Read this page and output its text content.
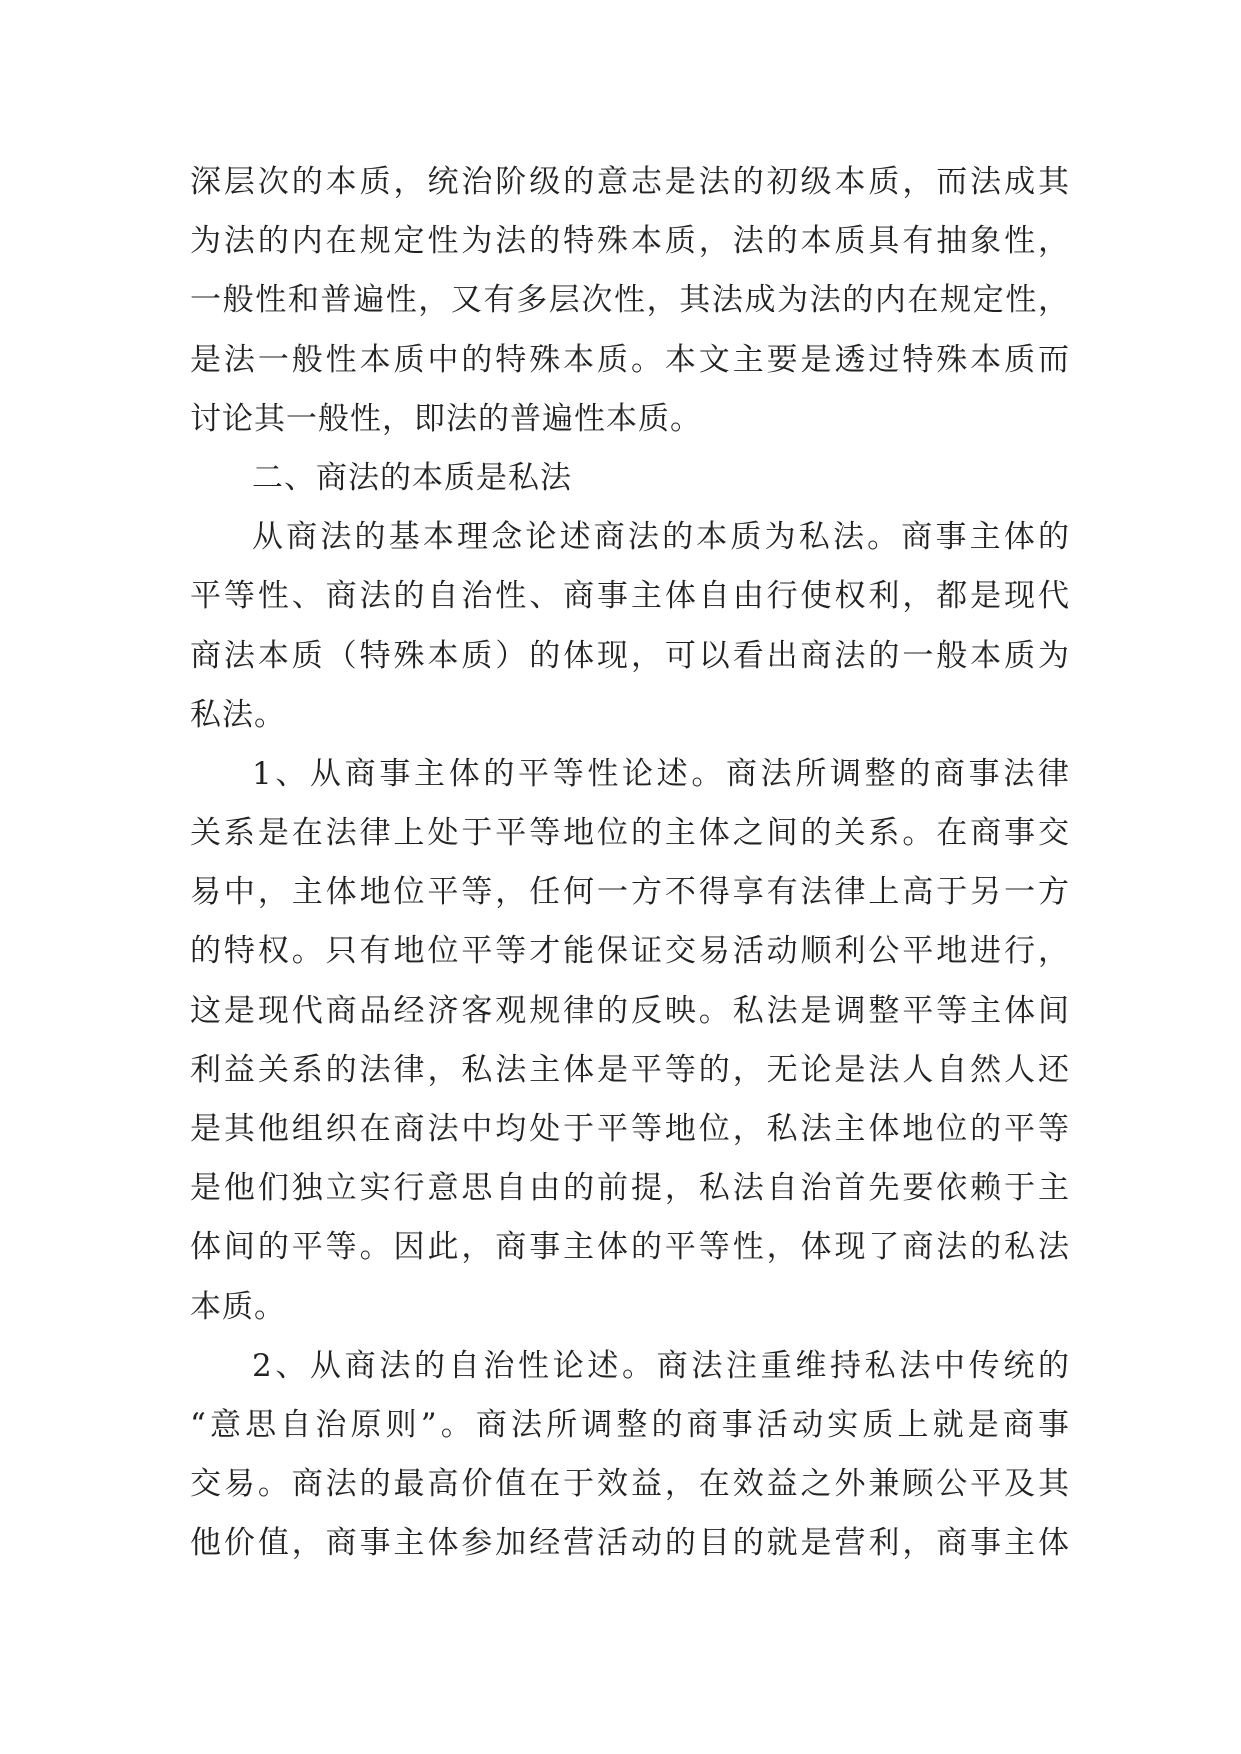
深层次的本质，统治阶级的意志是法的初级本质，而法成其
为法的内在规定性为法的特殊本质，法的本质具有抽象性，
一般性和普遍性，又有多层次性，其法成为法的内在规定性，
是法一般性本质中的特殊本质。本文主要是透过特殊本质而
讨论其一般性，即法的普遍性本质。
二、商法的本质是私法
从商法的基本理念论述商法的本质为私法。商事主体的
平等性、商法的自治性、商事主体自由行使权利，都是现代
商法本质（特殊本质）的体现，可以看出商法的一般本质为
私法。
1、从商事主体的平等性论述。商法所调整的商事法律
关系是在法律上处于平等地位的主体之间的关系。在商事交
易中，主体地位平等，任何一方不得享有法律上高于另一方
的特权。只有地位平等才能保证交易活动顺利公平地进行，
这是现代商品经济客观规律的反映。私法是调整平等主体间
利益关系的法律，私法主体是平等的，无论是法人自然人还
是其他组织在商法中均处于平等地位，私法主体地位的平等
是他们独立实行意思自由的前提，私法自治首先要依赖于主
体间的平等。因此，商事主体的平等性，体现了商法的私法
本质。
2、从商法的自治性论述。商法注重维持私法中传统的
“意思自治原则”。商法所调整的商事活动实质上就是商事
交易。商法的最高价值在于效益，在效益之外兼顾公平及其
他价值，商事主体参加经营活动的目的就是营利，商事主体
